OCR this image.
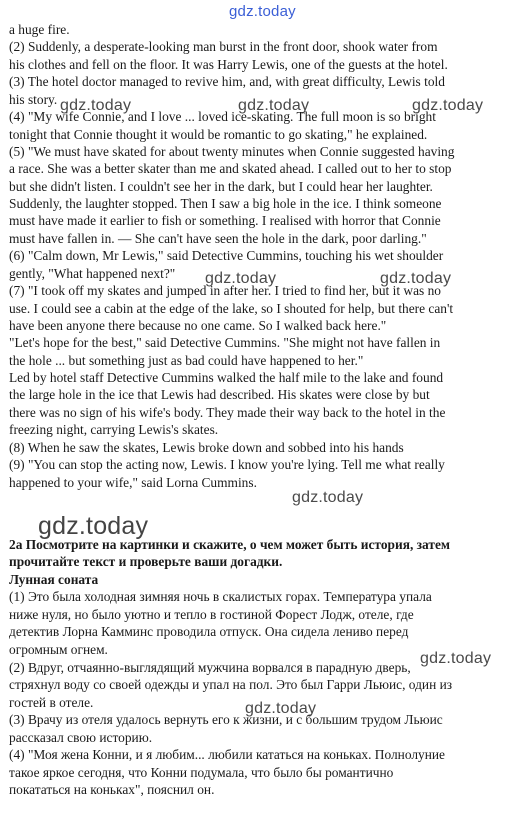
a huge fire.
(2) Suddenly, a desperate-looking man burst in the front door, shook water from
his clothes and fell on the floor. It was Harry Lewis, one of the guests at the hotel.
(3) The hotel doctor managed to revive him, and, with great difficulty, Lewis told
his story.
(4) "My wife Connie, and I love ... loved ice-skating. The full moon is so bright
tonight that Connie thought it would be romantic to go skating," he explained.
(5) "We must have skated for about twenty minutes when Connie suggested having
a race. She was a better skater than me and skated ahead. I called out to her to stop
but she didn't listen. I couldn't see her in the dark, but I could hear her laughter.
Suddenly, the laughter stopped. Then I saw a big hole in the ice. I think someone
must have made it earlier to fish or something. I realised with horror that Connie
must have fallen in. — She can't have seen the hole in the dark, poor darling."
(6) "Calm down, Mr Lewis," said Detective Cummins, touching his wet shoulder
gently, "What happened next?"
(7) "I took off my skates and jumped in after her. I tried to find her, but it was no
use. I could see a cabin at the edge of the lake, so I shouted for help, but there can't
have been anyone there because no one came. So I walked back here."
"Let's hope for the best," said Detective Cummins. "She might not have fallen in
the hole ... but something just as bad could have happened to her."
Led by hotel staff Detective Cummins walked the half mile to the lake and found
the large hole in the ice that Lewis had described. His skates were close by but
there was no sign of his wife's body. They made their way back to the hotel in the
freezing night, carrying Lewis's skates.
(8) When he saw the skates, Lewis broke down and sobbed into his hands
(9) "You can stop the acting now, Lewis. I know you're lying. Tell me what really
happened to your wife," said Lorna Cummins.
2a Посмотрите на картинки и скажите, о чем может быть история, затем
прочитайте текст и проверьте ваши догадки.
Лунная соната
(1) Это была холодная зимняя ночь в скалистых горах. Температура упала
ниже нуля, но было уютно и тепло в гостиной Форест Лодж, отеле, где
детектив Лорна Камминс проводила отпуск. Она сидела лениво перед
огромным огнем.
(2) Вдруг, отчаянно-выглядящий мужчина ворвался в парадную дверь,
стряхнул воду со своей одежды и упал на пол. Это был Гарри Льюис, один из
гостей в отеле.
(3) Врачу из отеля удалось вернуть его к жизни, и с большим трудом Льюис
рассказал свою историю.
(4) "Моя жена Конни, и я любим... любили кататься на коньках. Полнолуние
такое яркое сегодня, что Конни подумала, что было бы романтично
покататься на коньках", пояснил он.
gdz.today
gdz.today	gdz.today	gdz.today
gdz.today	gdz.today
gdz.today
gdz.today
gdz.today
gdz.today
